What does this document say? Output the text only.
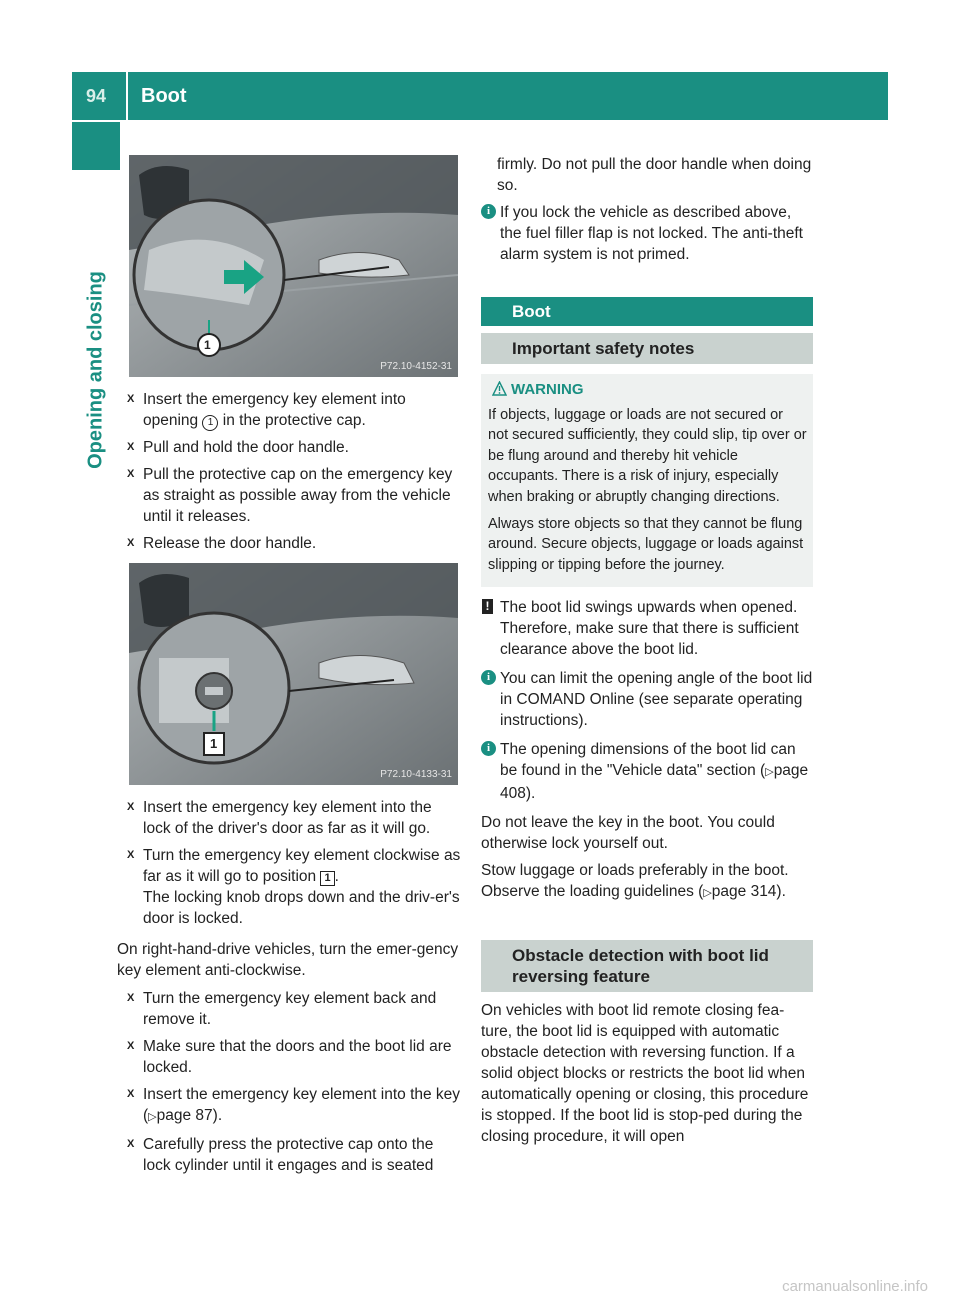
94 Boot
Opening and closing	1
P72.10-4152-31
X Insert the emergency key element into opening 1 in the protective cap.
X Pull and hold the door handle.
X Pull the protective cap on the emergency key as straight as possible away from the vehicle until it releases.
X Release the door handle.
1
P72.10-4133-31
X Insert the emergency key element into the lock of the driver's door as far as it will go.
X Turn the emergency key element clockwise as far as it will go to position 1 .
The locking knob drops down and the driv-er's door is locked.

On right-hand-drive vehicles, turn the emer-gency key element anti-clockwise.

X Turn the emergency key element back and remove it.
X Make sure that the doors and the boot lid are locked.
X Insert the emergency key element into the key (▷page 87).
X Carefully press the protective cap onto the lock cylinder until it engages and is seated

firmly. Do not pull the door handle when doing so.

i If you lock the vehicle as described above, the fuel filler flap is not locked. The anti-theft alarm system is not primed.
Boot
Important safety notes
WARNING

If objects, luggage or loads are not secured or not secured sufficiently, they could slip, tip over or be flung around and thereby hit vehicle occupants. There is a risk of injury, especially when braking or abruptly changing directions.

Always store objects so that they cannot be flung around. Secure objects, luggage or loads against slipping or tipping before the journey.

! The boot lid swings upwards when opened. Therefore, make sure that there is sufficient clearance above the boot lid.
i You can limit the opening angle of the boot lid in COMAND Online (see separate operating instructions).
i The opening dimensions of the boot lid can be found in the "Vehicle data" section (▷page 408).

Do not leave the key in the boot. You could otherwise lock yourself out.

Stow luggage or loads preferably in the boot. Observe the loading guidelines (▷page 314).

Obstacle detection with boot lid reversing feature

On vehicles with boot lid remote closing fea-ture, the boot lid is equipped with automatic obstacle detection with reversing function. If a solid object blocks or restricts the boot lid when automatically opening or closing, this procedure is stopped. If the boot lid is stop-ped during the closing procedure, it will open

carmanualsonline.info
